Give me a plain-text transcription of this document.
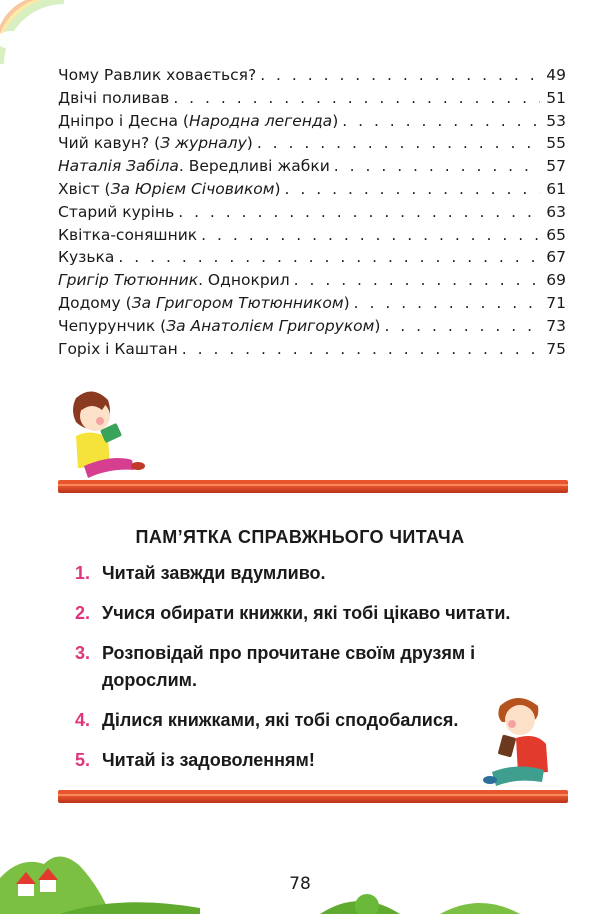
Чому Равлик ховається? . . .	49
Двічі поливав . . .	51
Дніпро і Десна (Народна легенда) . . .	53
Чий кавун? (З журналу) . . .	55
Наталія Забіла. Вередливі жабки . . .	57
Хвіст (За Юрієм Січовиком) . . .	61
Старий курінь . . .	63
Квітка-соняшник . . .	65
Кузька . . .	67
Григір Тютюнник. Однокрил . . .	69
Додому (За Григором Тютюнником) . . .	71
Чепурунчик (За Анатолієм Григоруком) . . .	73
Горіх і Каштан . . .	75
ПАМ’ЯТКА СПРАВЖНЬОГО ЧИТАЧА
1. Читай завжди вдумливо.
2. Учися обирати книжки, які тобі цікаво читати.
3. Розповідай про прочитане своїм друзям і дорослим.
4. Ділися книжками, які тобі сподобалися.
5. Читай із задоволенням!
78
